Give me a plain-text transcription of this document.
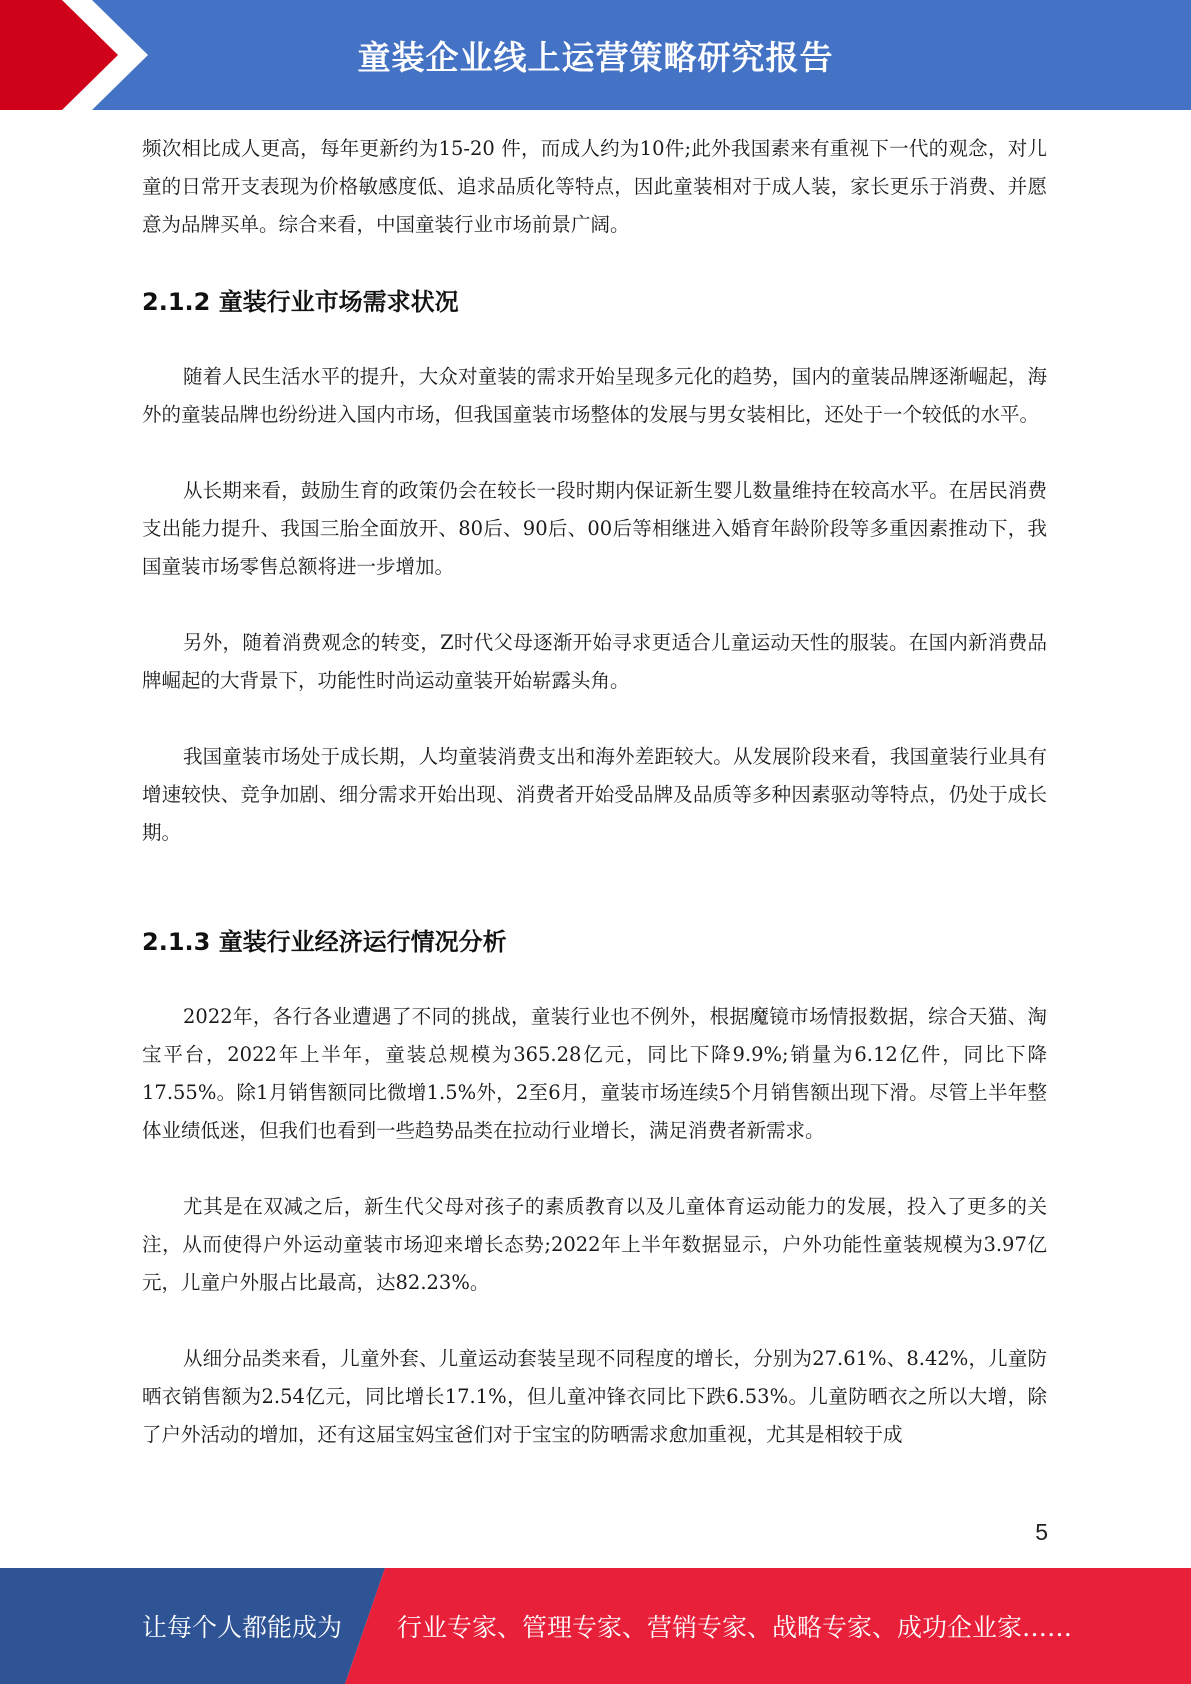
童装企业线上运营策略研究报告

频次相比成人更高，每年更新约为15-20 件，而成人约为10件;此外我国素来有重视下一代的观念，对儿童的日常开支表现为价格敏感度低、追求品质化等特点，因此童装相对于成人装，家长更乐于消费、并愿意为品牌买单。综合来看，中国童装行业市场前景广阔。

2.1.2 童装行业市场需求状况

随着人民生活水平的提升，大众对童装的需求开始呈现多元化的趋势，国内的童装品牌逐渐崛起，海外的童装品牌也纷纷进入国内市场，但我国童装市场整体的发展与男女装相比，还处于一个较低的水平。

从长期来看，鼓励生育的政策仍会在较长一段时期内保证新生婴儿数量维持在较高水平。在居民消费支出能力提升、我国三胎全面放开、80后、90后、00后等相继进入婚育年龄阶段等多重因素推动下，我国童装市场零售总额将进一步增加。

另外，随着消费观念的转变，Z时代父母逐渐开始寻求更适合儿童运动天性的服装。在国内新消费品牌崛起的大背景下，功能性时尚运动童装开始崭露头角。

我国童装市场处于成长期，人均童装消费支出和海外差距较大。从发展阶段来看，我国童装行业具有增速较快、竞争加剧、细分需求开始出现、消费者开始受品牌及品质等多种因素驱动等特点，仍处于成长期。

2.1.3 童装行业经济运行情况分析

2022年，各行各业遭遇了不同的挑战，童装行业也不例外，根据魔镜市场情报数据，综合天猫、淘宝平台，2022年上半年，童装总规模为365.28亿元，同比下降9.9%;销量为6.12亿件，同比下降17.55%。除1月销售额同比微增1.5%外，2至6月，童装市场连续5个月销售额出现下滑。尽管上半年整体业绩低迷，但我们也看到一些趋势品类在拉动行业增长，满足消费者新需求。

尤其是在双减之后，新生代父母对孩子的素质教育以及儿童体育运动能力的发展，投入了更多的关注，从而使得户外运动童装市场迎来增长态势;2022年上半年数据显示，户外功能性童装规模为3.97亿元，儿童户外服占比最高，达82.23%。

从细分品类来看，儿童外套、儿童运动套装呈现不同程度的增长，分别为27.61%、8.42%，儿童防晒衣销售额为2.54亿元，同比增长17.1%，但儿童冲锋衣同比下跌6.53%。儿童防晒衣之所以大增，除了户外活动的增加，还有这届宝妈宝爸们对于宝宝的防晒需求愈加重视，尤其是相较于成

5
让每个人都能成为 行业专家、管理专家、营销专家、战略专家、成功企业家……
